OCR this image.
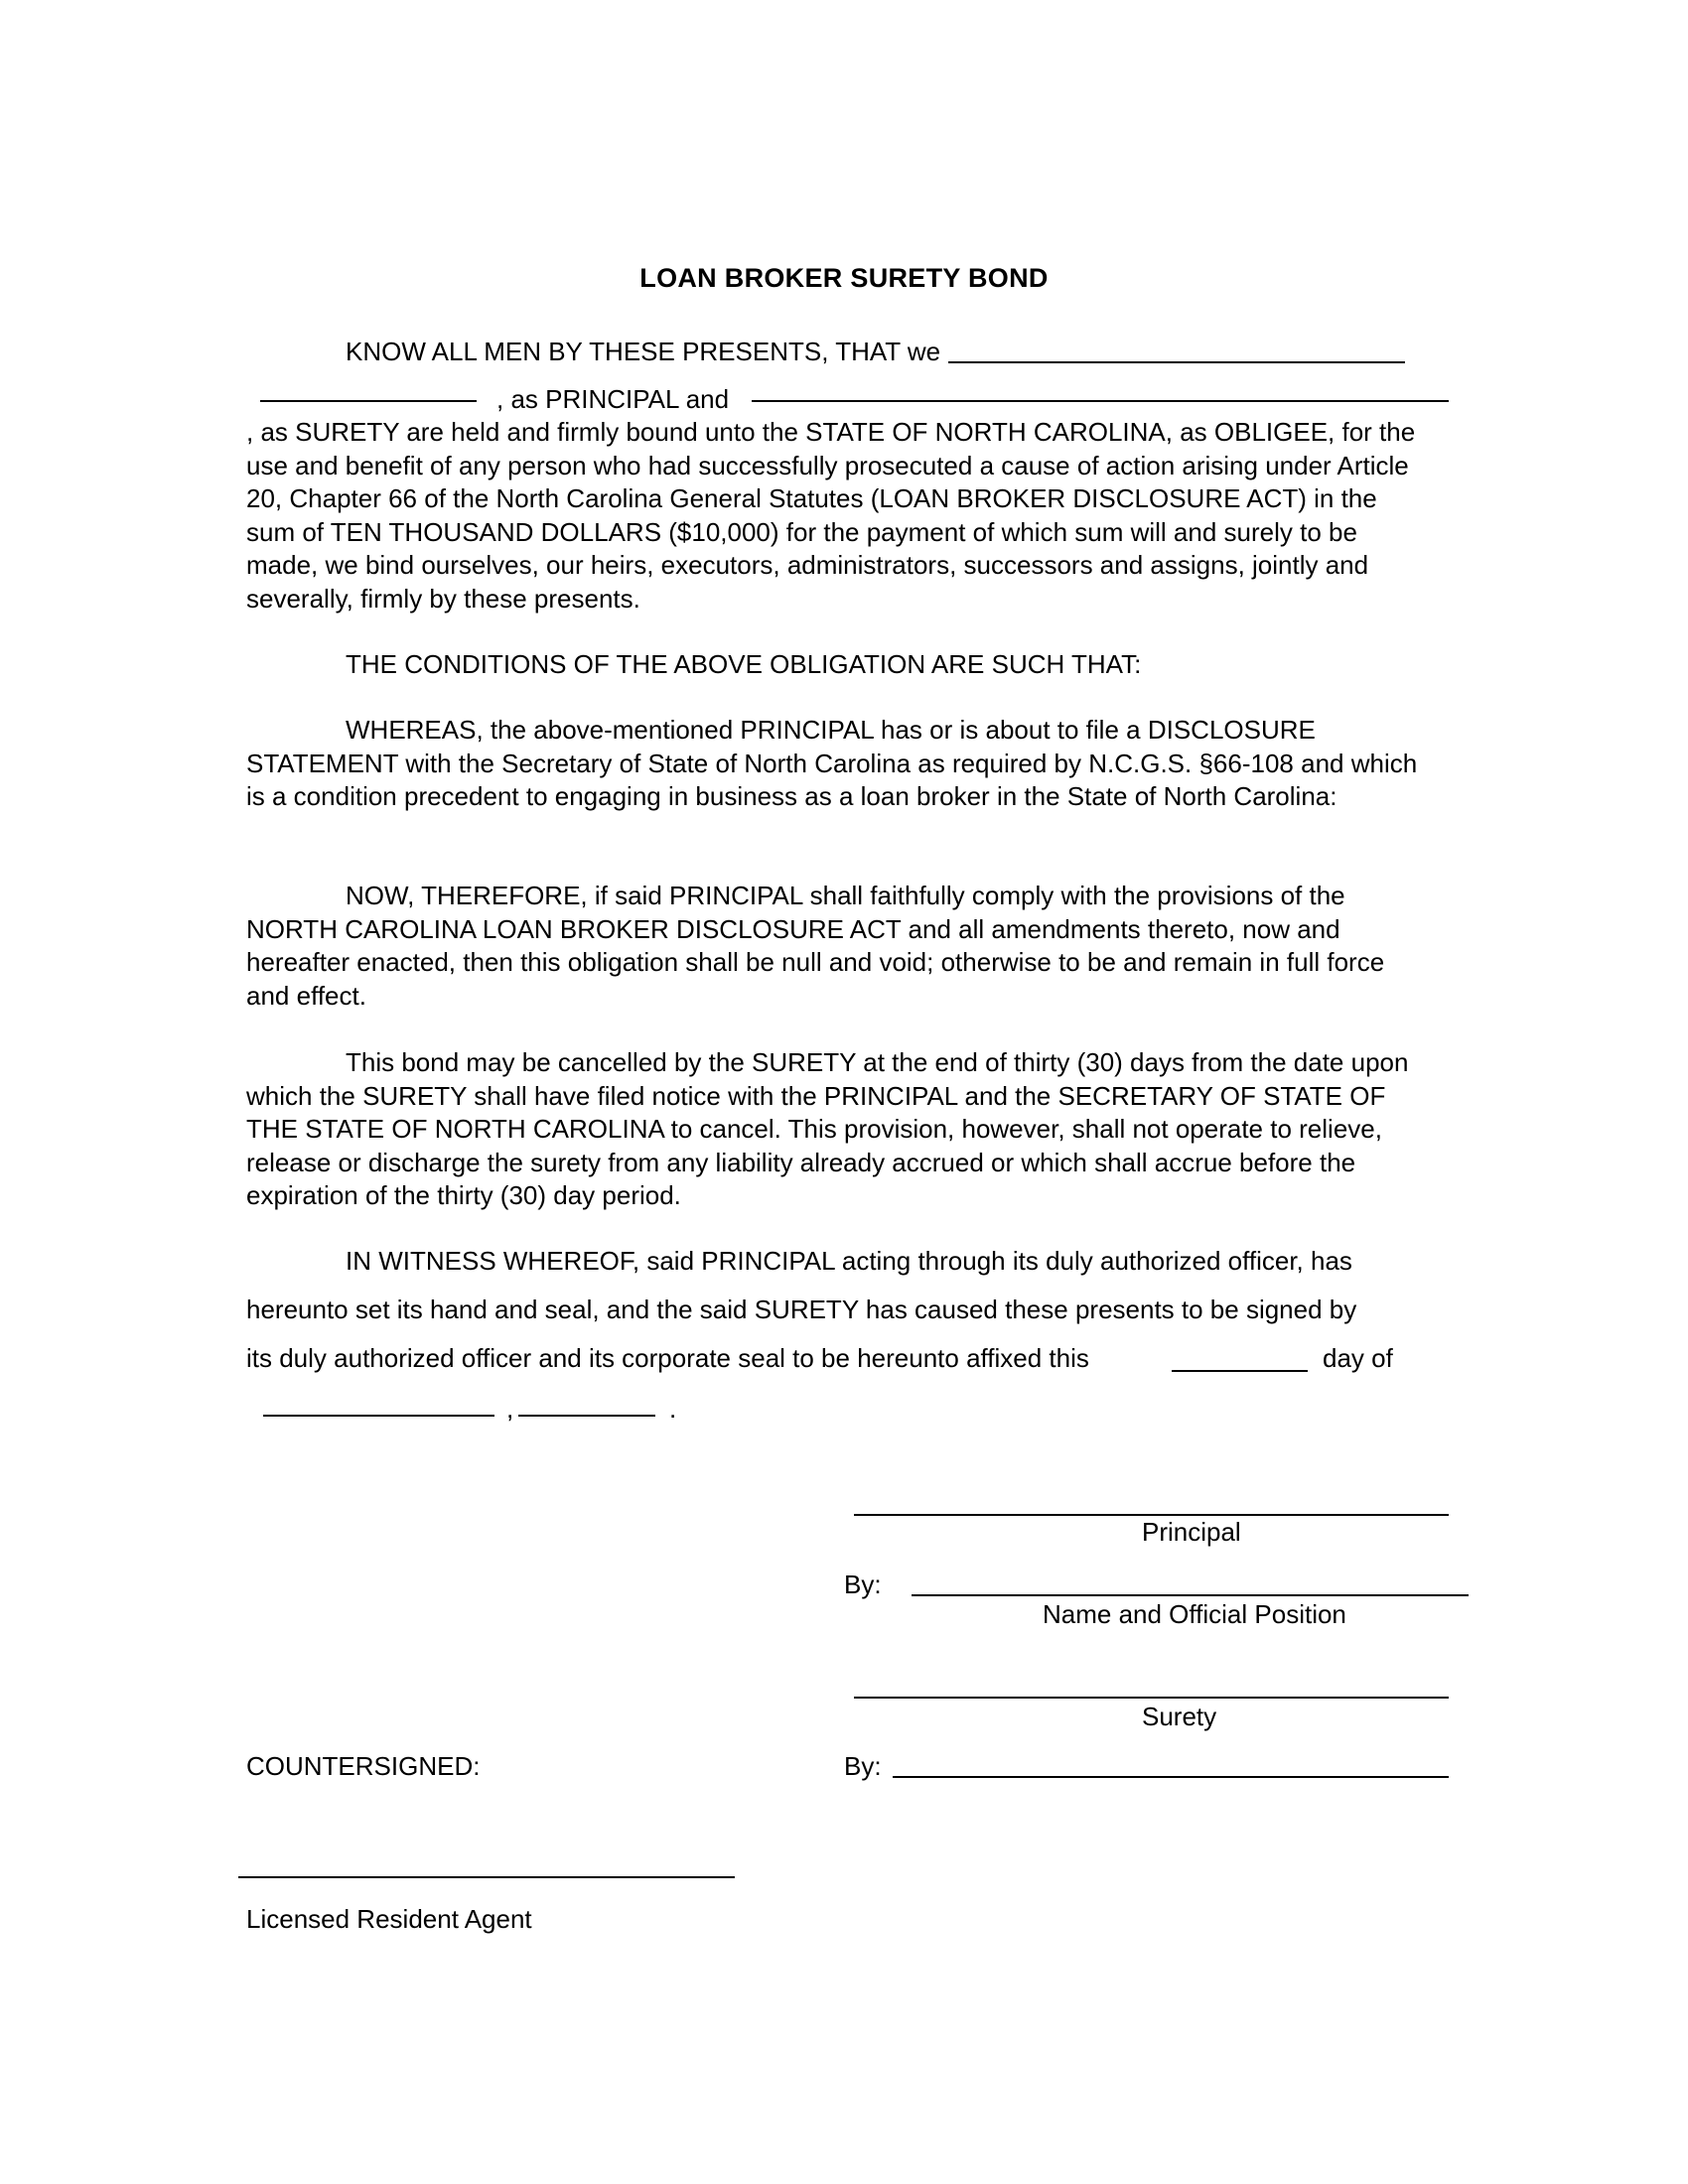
LOAN BROKER SURETY BOND
KNOW ALL MEN BY THESE PRESENTS, THAT we
, as PRINCIPAL and
, as SURETY are held and firmly bound unto the STATE OF NORTH CAROLINA, as OBLIGEE, for the use and benefit of any person who had successfully prosecuted a cause of action arising under Article 20, Chapter 66 of the North Carolina General Statutes (LOAN BROKER DISCLOSURE ACT) in the sum of TEN THOUSAND DOLLARS ($10,000) for the payment of which sum will and surely to be made, we bind ourselves, our heirs, executors, administrators, successors and assigns, jointly and severally, firmly by these presents.
THE CONDITIONS OF THE ABOVE OBLIGATION ARE SUCH THAT:
WHEREAS, the above-mentioned PRINCIPAL has or is about to file a DISCLOSURE STATEMENT with the Secretary of State of North Carolina as required by N.C.G.S. §66-108 and which is a condition precedent to engaging in business as a loan broker in the State of North Carolina:
NOW, THEREFORE, if said PRINCIPAL shall faithfully comply with the provisions of the NORTH CAROLINA LOAN BROKER DISCLOSURE ACT and all amendments thereto, now and hereafter enacted, then this obligation shall be null and void; otherwise to be and remain in full force and effect.
This bond may be cancelled by the SURETY at the end of thirty (30) days from the date upon which the SURETY shall have filed notice with the PRINCIPAL and the SECRETARY OF STATE OF THE STATE OF NORTH CAROLINA to cancel. This provision, however, shall not operate to relieve, release or discharge the surety from any liability already accrued or which shall accrue before the expiration of the thirty (30) day period.
IN WITNESS WHEREOF, said PRINCIPAL acting through its duly authorized officer, has
hereunto set its hand and seal, and the said SURETY has caused these presents to be signed by
its duly authorized officer and its corporate seal to be hereunto affixed this	day of
,	.
Principal
By:
Name and Official Position
Surety
COUNTERSIGNED:	By:
Licensed Resident Agent
